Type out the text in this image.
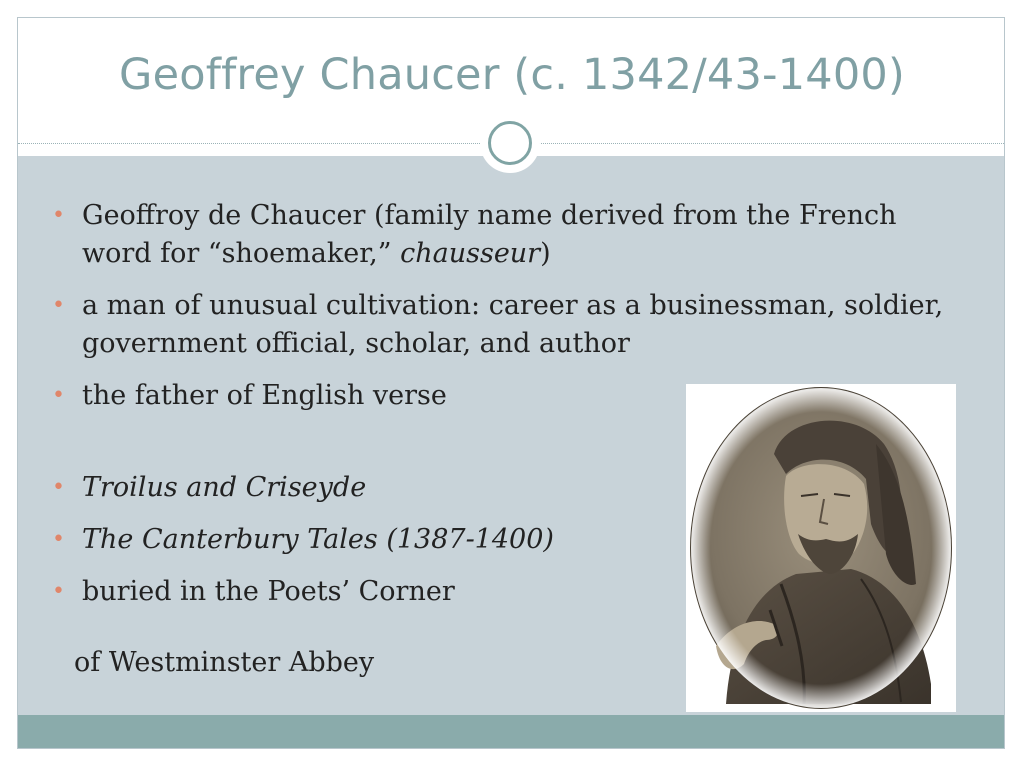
Geoffrey Chaucer (c. 1342/43-1400)
• Geoffroy de Chaucer (family name derived from the French word for “shoemaker,” chausseur)
• a man of unusual cultivation: career as a businessman, soldier, government official, scholar, and author
• the father of English verse
• Troilus and Criseyde
• The Canterbury Tales (1387-1400)
• buried in the Poets’ Corner
of Westminster Abbey
